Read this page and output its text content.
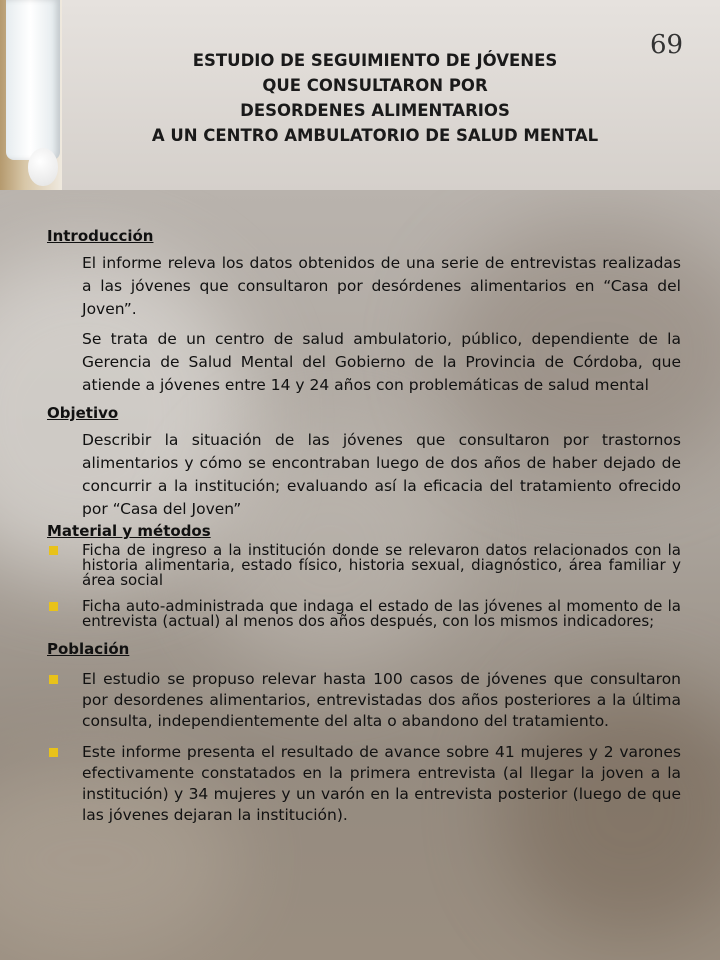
69
ESTUDIO DE SEGUIMIENTO DE JÓVENES
QUE CONSULTARON POR
DESORDENES ALIMENTARIOS
A UN CENTRO AMBULATORIO DE SALUD MENTAL
Introducción

El informe releva los datos obtenidos de una serie de entrevistas realizadas a las jóvenes que consultaron por desórdenes alimentarios en “Casa del Joven”.

Se trata de un centro de salud ambulatorio, público, dependiente de la Gerencia de Salud Mental del Gobierno de la Provincia de Córdoba, que atiende a jóvenes entre 14 y 24 años con problemáticas de salud mental

Objetivo

Describir la situación de las jóvenes que consultaron por trastornos alimentarios y cómo se encontraban luego de dos años de haber dejado de concurrir a la institución; evaluando así la eficacia del tratamiento ofrecido por “Casa del Joven”

Material y métodos
Ficha de ingreso a la institución donde se relevaron datos relacionados con la historia alimentaria, estado físico, historia sexual, diagnóstico, área familiar y área social
Ficha auto-administrada que indaga el estado de las jóvenes al momento de la entrevista (actual) al menos dos años después, con los mismos indicadores;
Población
El estudio se propuso relevar hasta 100 casos de jóvenes que consultaron por desordenes alimentarios, entrevistadas dos años posteriores a la última consulta, independientemente del alta o abandono del tratamiento.
Este informe presenta el resultado de avance sobre 41 mujeres y 2 varones efectivamente constatados en la primera entrevista (al llegar la joven a la institución) y 34 mujeres y un varón en la entrevista posterior (luego de que las jóvenes dejaran la institución).
